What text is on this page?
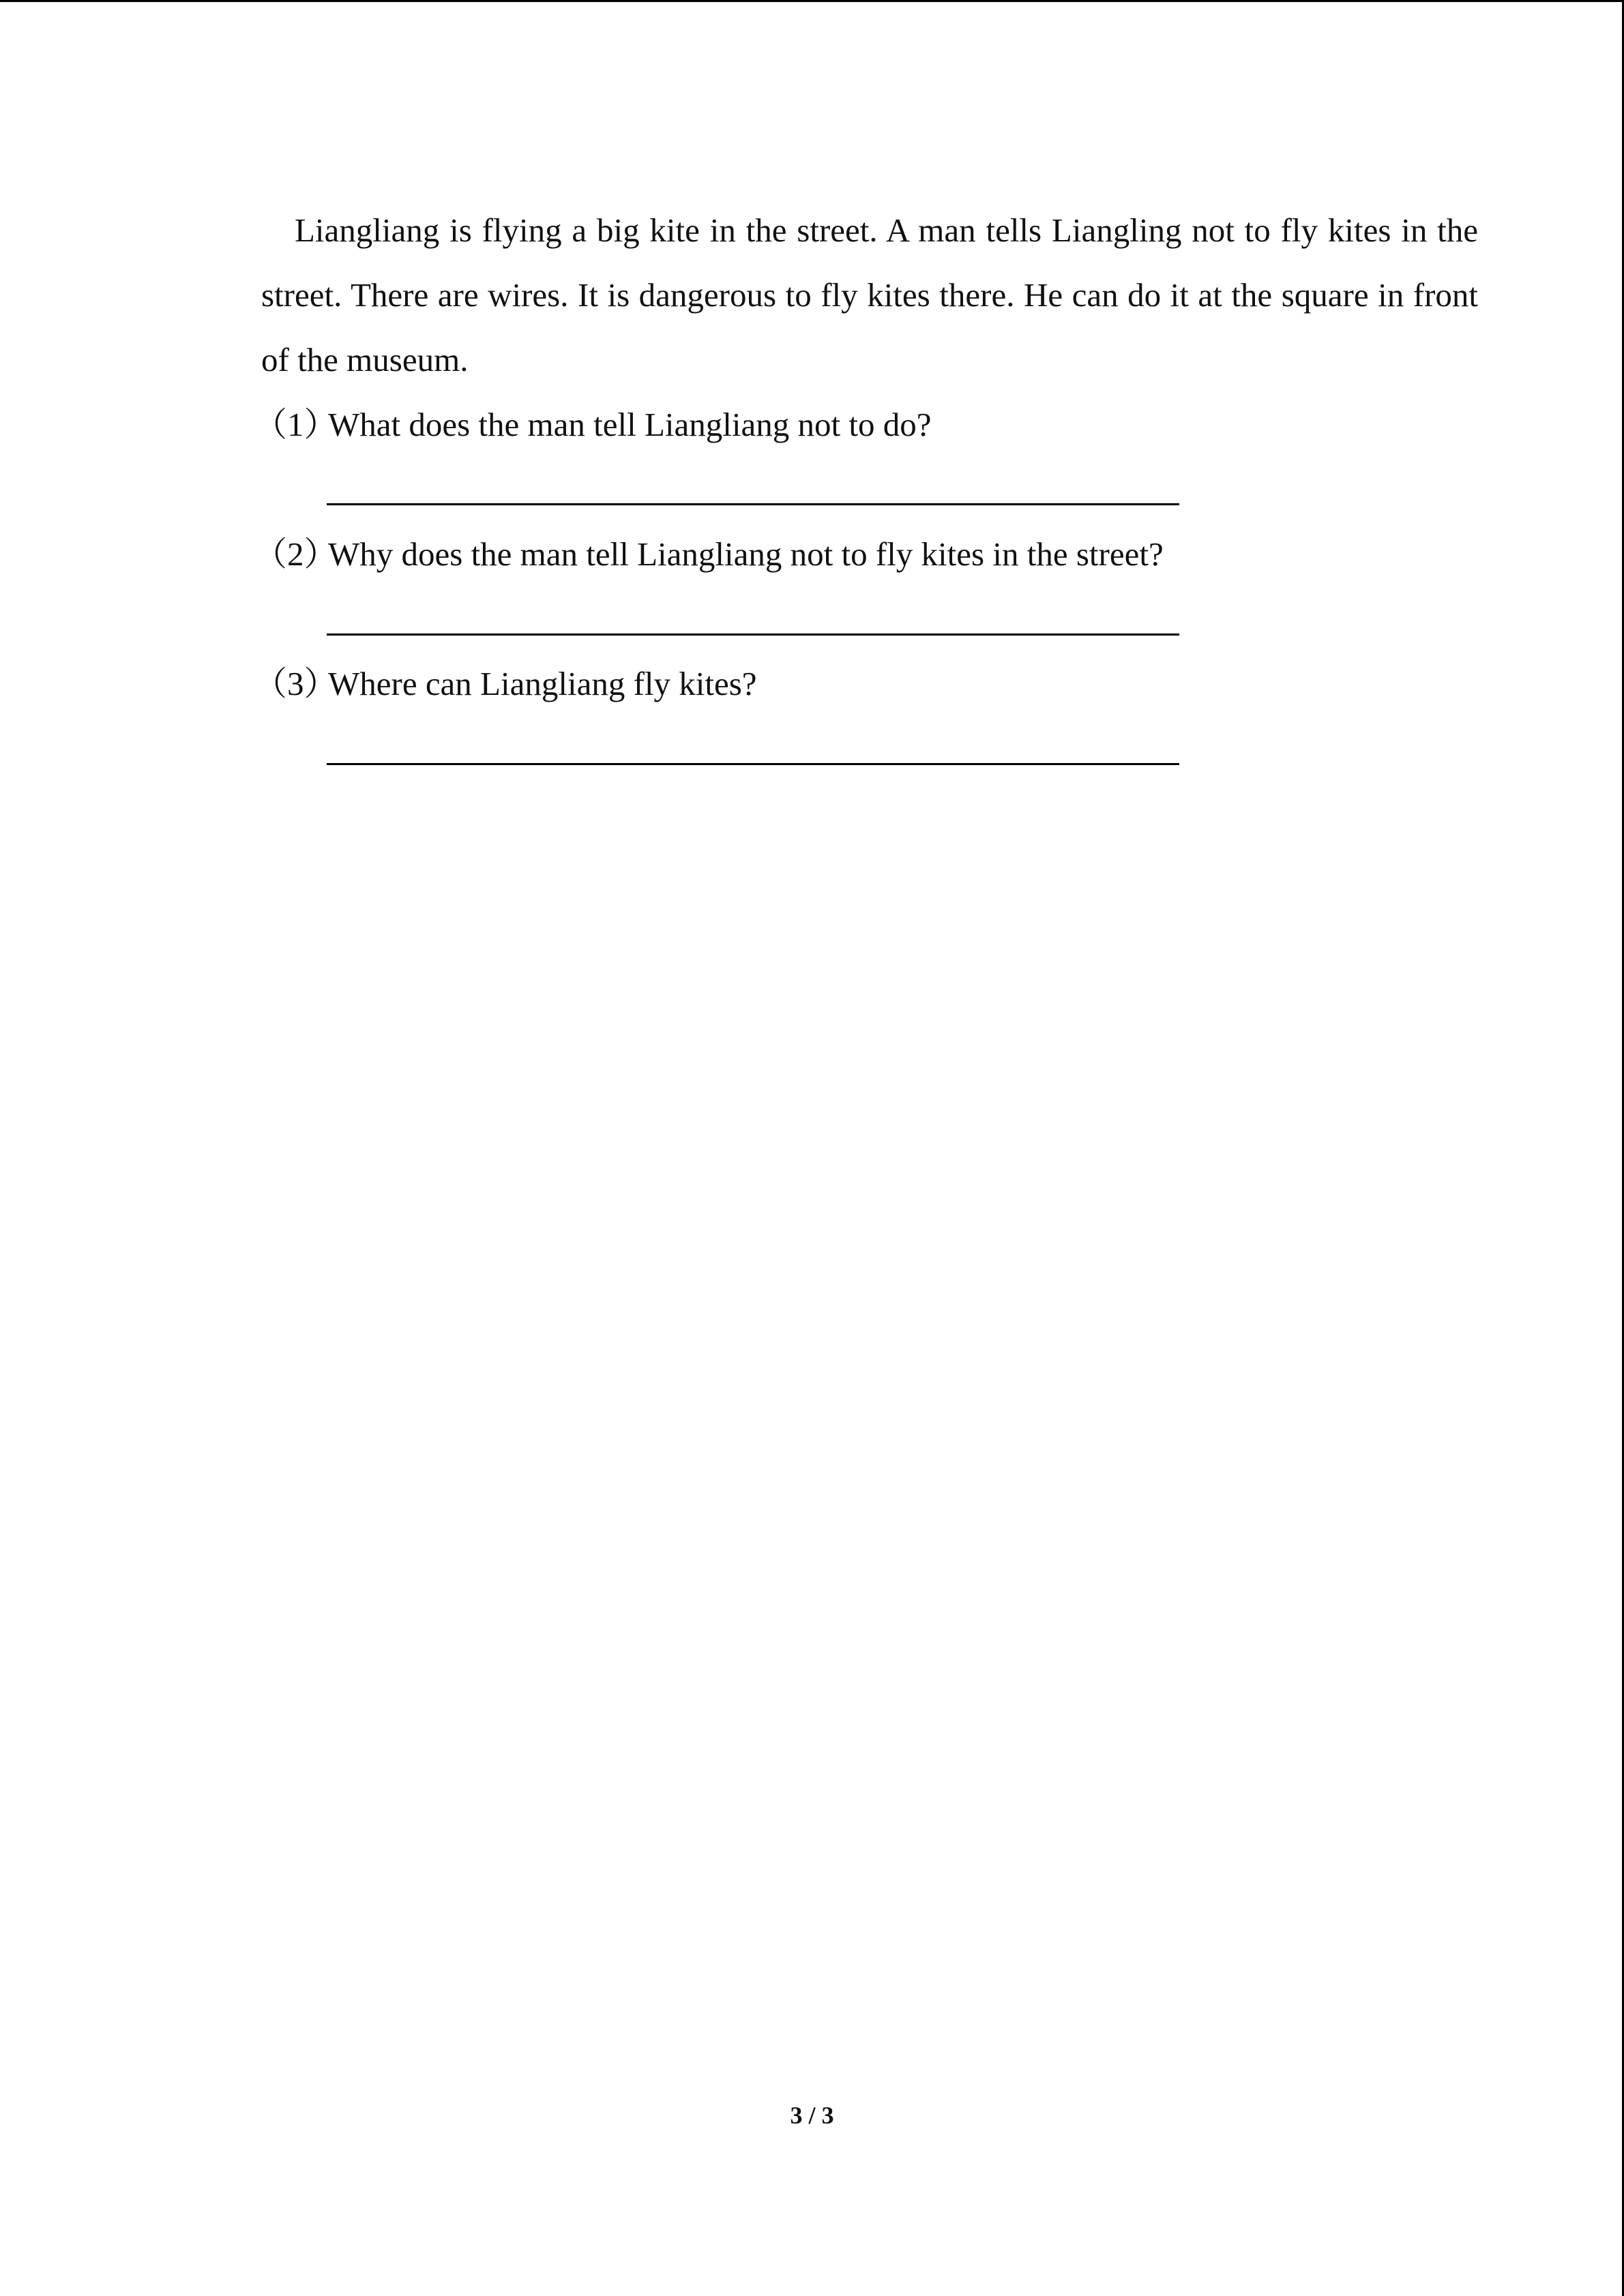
Liangliang is flying a big kite in the street. A man tells Liangling not to fly kites in the street. There are wires. It is dangerous to fly kites there. He can do it at the square in front of the museum.

（1）What does the man tell Liangliang not to do?

（2）Why does the man tell Liangliang not to fly kites in the street?

（3）Where can Liangliang fly kites?

3 / 3
